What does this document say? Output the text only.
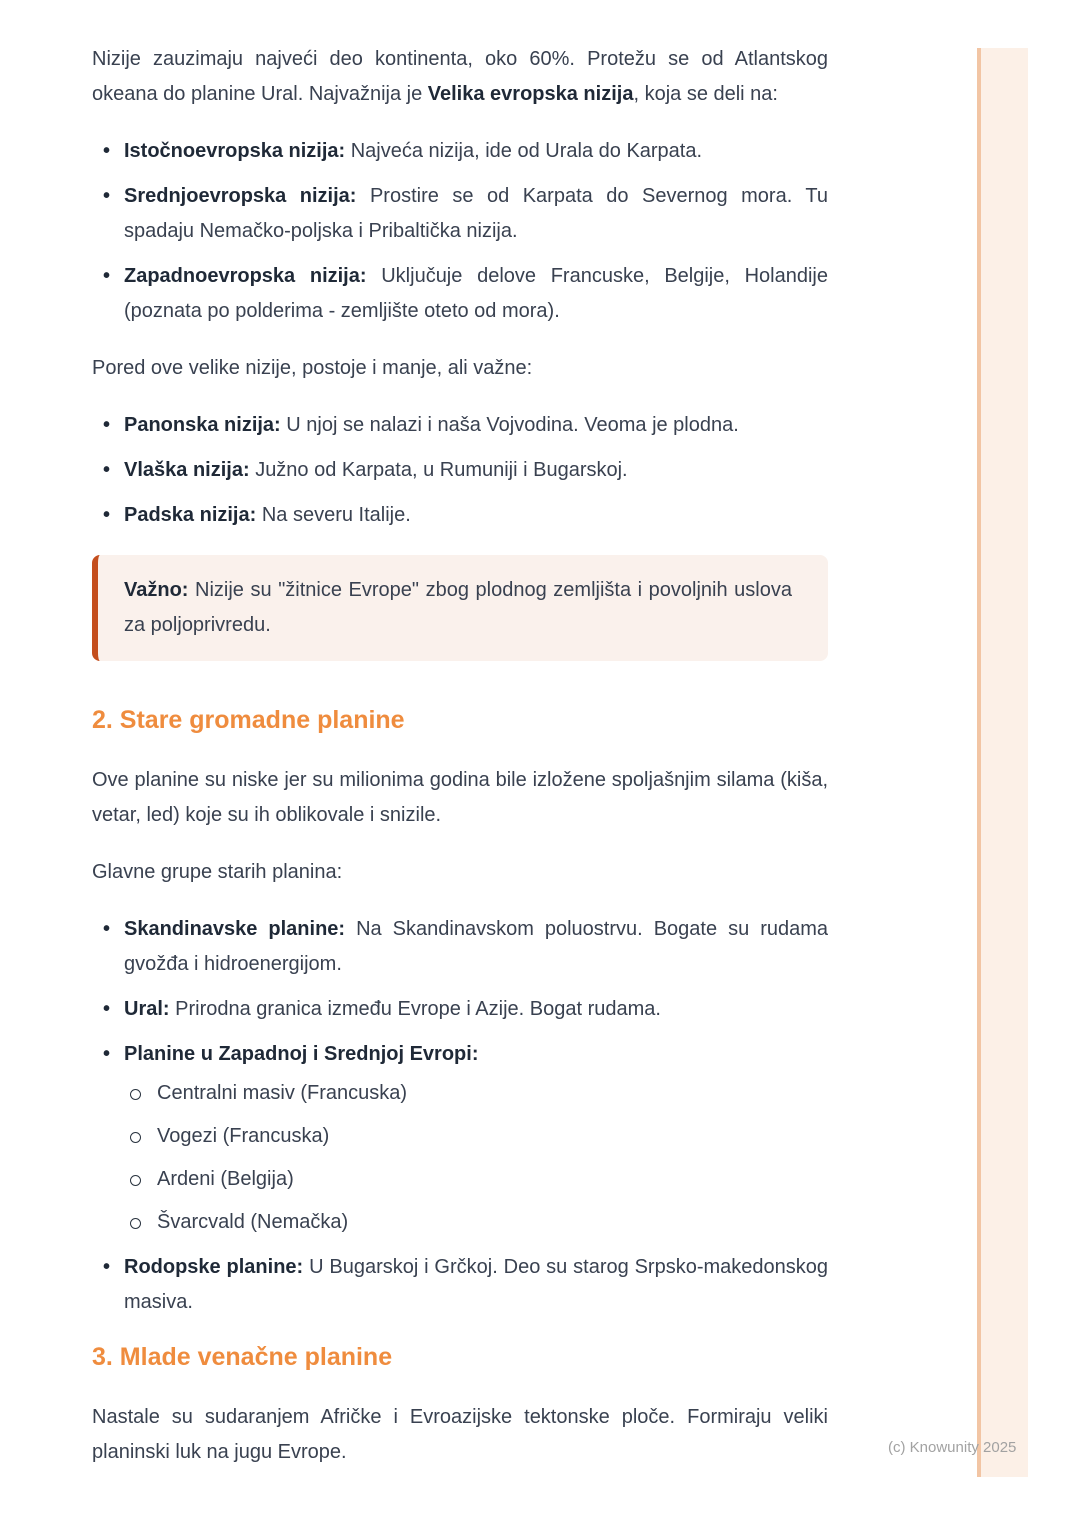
Nizije zauzimaju najveći deo kontinenta, oko 60%. Protežu se od Atlantskog okeana do planine Ural. Najvažnija je Velika evropska nizija, koja se deli na:

• Istočnoevropska nizija: Najveća nizija, ide od Urala do Karpata.
• Srednjoevropska nizija: Prostire se od Karpata do Severnog mora. Tu spadaju Nemačko-poljska i Pribaltička nizija.
• Zapadnoevropska nizija: Uključuje delove Francuske, Belgije, Holandije (poznata po polderima - zemljište oteto od mora).

Pored ove velike nizije, postoje i manje, ali važne:

• Panonska nizija: U njoj se nalazi i naša Vojvodina. Veoma je plodna.
• Vlaška nizija: Južno od Karpata, u Rumuniji i Bugarskoj.
• Padska nizija: Na severu Italije.

Važno: Nizije su "žitnice Evrope" zbog plodnog zemljišta i povoljnih uslova za poljoprivredu.

2. Stare gromadne planine

Ove planine su niske jer su milionima godina bile izložene spoljašnjim silama (kiša, vetar, led) koje su ih oblikovale i snizile.

Glavne grupe starih planina:

• Skandinavske planine: Na Skandinavskom poluostrvu. Bogate su rudama gvožđa i hidroenergijom.
• Ural: Prirodna granica između Evrope i Azije. Bogat rudama.
• Planine u Zapadnoj i Srednjoj Evropi:
Centralni masiv (Francuska)
Vogezi (Francuska)
Ardeni (Belgija)
Švarcvald (Nemačka)
• Rodopske planine: U Bugarskoj i Grčkoj. Deo su starog Srpsko-makedonskog masiva.
3. Mlade venačne planine

Nastale su sudaranjem Afričke i Evroazijske tektonske ploče. Formiraju veliki planinski luk na jugu Evrope.	(c) Knowunity 2025
